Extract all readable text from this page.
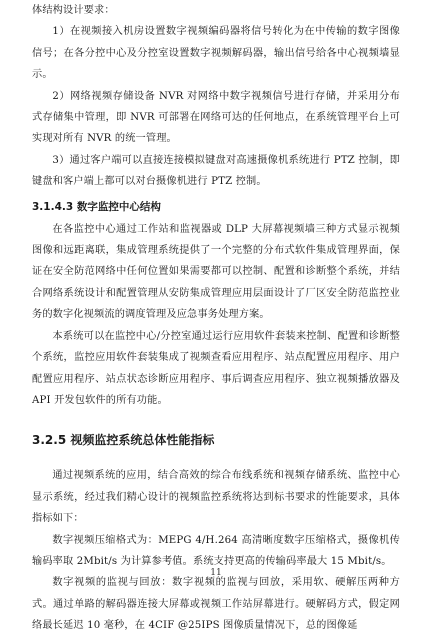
体结构设计要求：

1）在视频接入机房设置数字视频编码器将信号转化为在中传输的数字图像信号；在各分控中心及分控室设置数字视频解码器，输出信号给各中心视频墙显示。

2）网络视频存储设备 NVR 对网络中数字视频信号进行存储，并采用分布式存储集中管理，即 NVR 可部署在网络可达的任何地点，在系统管理平台上可实现对所有 NVR 的统一管理。

3）通过客户端可以直接连接模拟键盘对高速摄像机系统进行 PTZ 控制，即键盘和客户端上都可以对台摄像机进行 PTZ 控制。

3.1.4.3 数字监控中心结构

在各监控中心通过工作站和监视器或 DLP 大屏幕视频墙三种方式显示视频图像和远距离联，集成管理系统提供了一个完整的分布式软件集成管理界面，保证在安全防范网络中任何位置如果需要都可以控制、配置和诊断整个系统，并结合网络系统设计和配置管理从安防集成管理应用层面设计了厂区安全防范监控业务的数字化视频流的调度管理及应急事务处理方案。

本系统可以在监控中心/分控室通过运行应用软件套装来控制、配置和诊断整个系统，监控应用软件套装集成了视频查看应用程序、站点配置应用程序、用户配置应用程序、站点状态诊断应用程序、事后调查应用程序、独立视频播放器及 API 开发包软件的所有功能。

3.2.5 视频监控系统总体性能指标

通过视频系统的应用，结合高效的综合布线系统和视频存储系统、监控中心显示系统，经过我们精心设计的视频监控系统将达到标书要求的性能要求，具体指标如下：

数字视频压缩格式为：MEPG 4/H.264 高清晰度数字压缩格式，摄像机传输码率取 2Mbit/s 为计算参考值。系统支持更高的传输码率最大 15 Mbit/s。

数字视频的监视与回放：数字视频的监视与回放，采用软、硬解压两种方式。通过单路的解码器连接大屏幕或视频工作站屏幕进行。硬解码方式，假定网络最长延迟 10 毫秒，在 4CIF @25IPS 图像质量情况下，总的图像延

11
